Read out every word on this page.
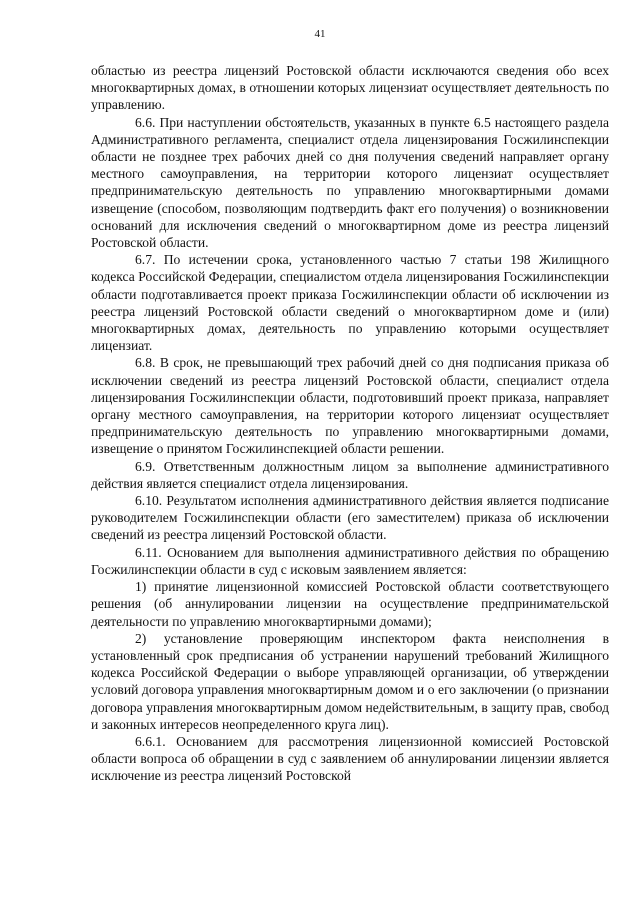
41

областью из реестра лицензий Ростовской области исключаются сведения обо всех многоквартирных домах, в отношении которых лицензиат осуществляет деятельность по управлению.

6.6. При наступлении обстоятельств, указанных в пункте 6.5 настоящего раздела Административного регламента, специалист отдела лицензирования Госжилинспекции области не позднее трех рабочих дней со дня получения сведений направляет органу местного самоуправления, на территории которого лицензиат осуществляет предпринимательскую деятельность по управлению многоквартирными домами извещение (способом, позволяющим подтвердить факт его получения) о возникновении оснований для исключения сведений о многоквартирном доме из реестра лицензий Ростовской области.

6.7. По истечении срока, установленного частью 7 статьи 198 Жилищного кодекса Российской Федерации, специалистом отдела лицензирования Госжилинспекции области подготавливается проект приказа Госжилинспекции области об исключении из реестра лицензий Ростовской области сведений о многоквартирном доме и (или) многоквартирных домах, деятельность по управлению которыми осуществляет лицензиат.

6.8. В срок, не превышающий трех рабочий дней со дня подписания приказа об исключении сведений из реестра лицензий Ростовской области, специалист отдела лицензирования Госжилинспекции области, подготовивший проект приказа, направляет органу местного самоуправления, на территории которого лицензиат осуществляет предпринимательскую деятельность по управлению многоквартирными домами, извещение о принятом Госжилинспекцией области решении.

6.9. Ответственным должностным лицом за выполнение административного действия является специалист отдела лицензирования.

6.10. Результатом исполнения административного действия является подписание руководителем Госжилинспекции области (его заместителем) приказа об исключении сведений из реестра лицензий Ростовской области.

6.11. Основанием для выполнения административного действия по обращению Госжилинспекции области в суд с исковым заявлением является:

1) принятие лицензионной комиссией Ростовской области соответствующего решения (об аннулировании лицензии на осуществление предпринимательской деятельности по управлению многоквартирными домами);

2) установление проверяющим инспектором факта неисполнения в установленный срок предписания об устранении нарушений требований Жилищного кодекса Российской Федерации о выборе управляющей организации, об утверждении условий договора управления многоквартирным домом и о его заключении (о признании договора управления многоквартирным домом недействительным, в защиту прав, свобод и законных интересов неопределенного круга лиц).

6.6.1. Основанием для рассмотрения лицензионной комиссией Ростовской области вопроса об обращении в суд с заявлением об аннулировании лицензии является исключение из реестра лицензий Ростовской
